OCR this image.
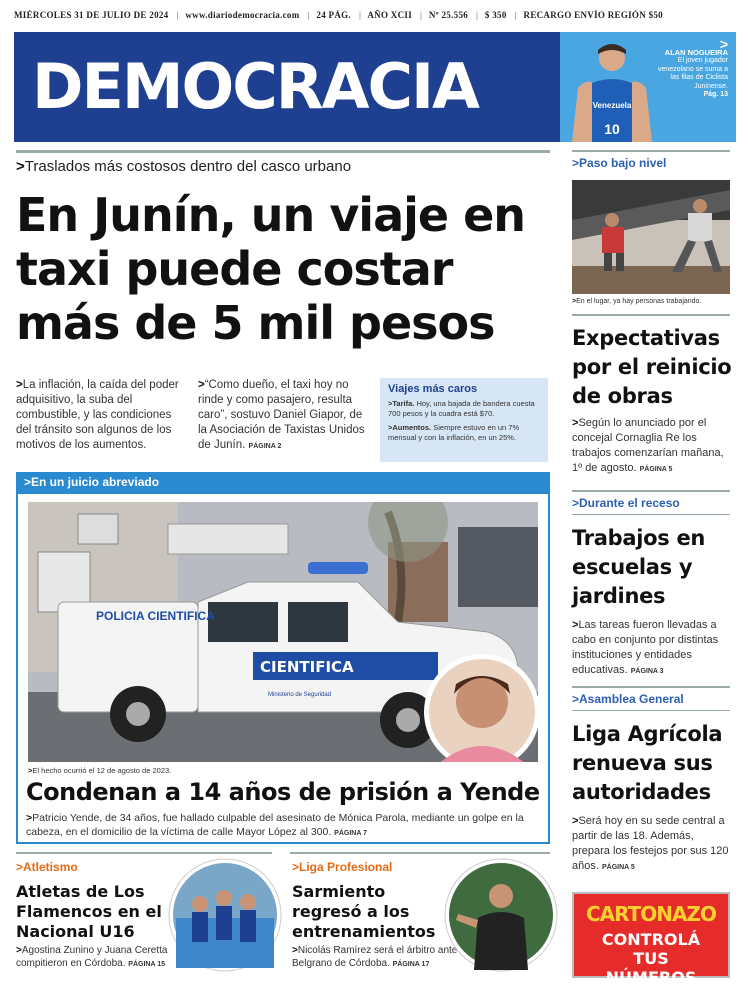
MIÉRCOLES 31 DE JULIO DE 2024 | www.diariodemocracia.com | 24 PÁG. | AÑO XCII | Nº 25.556 | $ 350 | RECARGO ENVÍO REGIÓN $50
DEMOCRACIA	Venezuela
10
>
ALAN NOGUEIRA
El joven jugador venezolano se suma a las filas de Ciclista Juninense.
Pág. 13
>Traslados más costosos dentro del casco urbano
En Junín, un viaje en taxi puede costar más de 5 mil pesos
>La inflación, la caída del poder adquisitivo, la suba del combustible, y las condiciones del tránsito son algunos de los motivos de los aumentos.
>“Como dueño, el taxi hoy no rinde y como pasajero, resulta caro”, sostuvo Daniel Giapor, de la Asociación de Taxistas Unidos de Junín. PÁGINA 2
Viajes más caros

>Tarifa. Hoy, una bajada de bandera cuesta 700 pesos y la cuadra está $70.

>Aumentos. Siempre estuvo en un 7% mensual y con la inflación, en un 25%.

>En un juicio abreviado
CIENTIFICA
POLICIA CIENTIFICA
Ministerio de Seguridad
>El hecho ocurrió el 12 de agosto de 2023.
Condenan a 14 años de prisión a Yende
>Patricio Yende, de 34 años, fue hallado culpable del asesinato de Mónica Parola, mediante un golpe en la cabeza, en el domicilio de la víctima de calle Mayor López al 300. PÁGINA 7
>Atletismo
Atletas de Los Flamencos en el Nacional U16
>Agostina Zunino y Juana Ceretta compitieron en Córdoba. PÁGINA 15
>Liga Profesional
Sarmiento regresó a los entrenamientos
>Nicolás Ramírez será el árbitro ante Belgrano de Córdoba. PÁGINA 17
>Paso bajo nivel
>En el lugar, ya hay personas trabajando.
Expectativas por el reinicio de obras
>Según lo anunciado por el concejal Cornaglia Re los trabajos comenzarían mañana, 1º de agosto. PÁGINA 5
>Durante el receso
Trabajos en escuelas y jardines
>Las tareas fueron llevadas a cabo en conjunto por distintas instituciones y entidades educativas. PÁGINA 3
>Asamblea General
Liga Agrícola renueva sus autoridades
>Será hoy en su sede central a partir de las 18. Además, prepara los festejos por sus 120 años. PÁGINA 5
CARTONAZO
CONTROLÁ TUS NÚMEROS
